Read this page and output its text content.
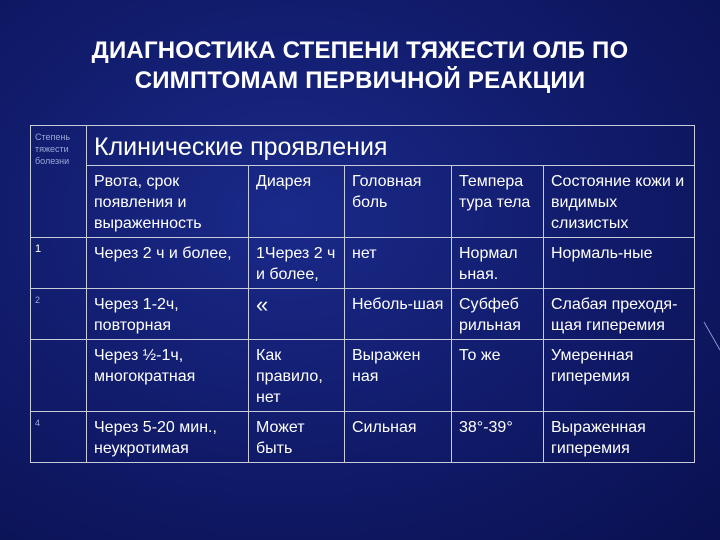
ДИАГНОСТИКА СТЕПЕНИ ТЯЖЕСТИ ОЛБ ПО
СИМПТОМАМ ПЕРВИЧНОЙ РЕАКЦИИ
Степень тяжести болезни	Клинические проявления				
	Рвота, срок появления и выраженность	Диарея	Головная боль	Темпера тура тела	Состояние кожи и видимых слизистых
1	Через 2 ч и более,	1Через 2 ч и более,	нет	Нормал ьная.	Нормаль-ные
2	Через 1-2ч, повторная	«	Неболь-шая	Субфеб рильная	Слабая преходя-щая гиперемия
	Через ½-1ч, многократная	Как правило, нет	Выражен ная	То же	Умеренная гиперемия
4	Через 5-20 мин., неукротимая	Может быть	Сильная	38°-39°	Выраженная гиперемия
